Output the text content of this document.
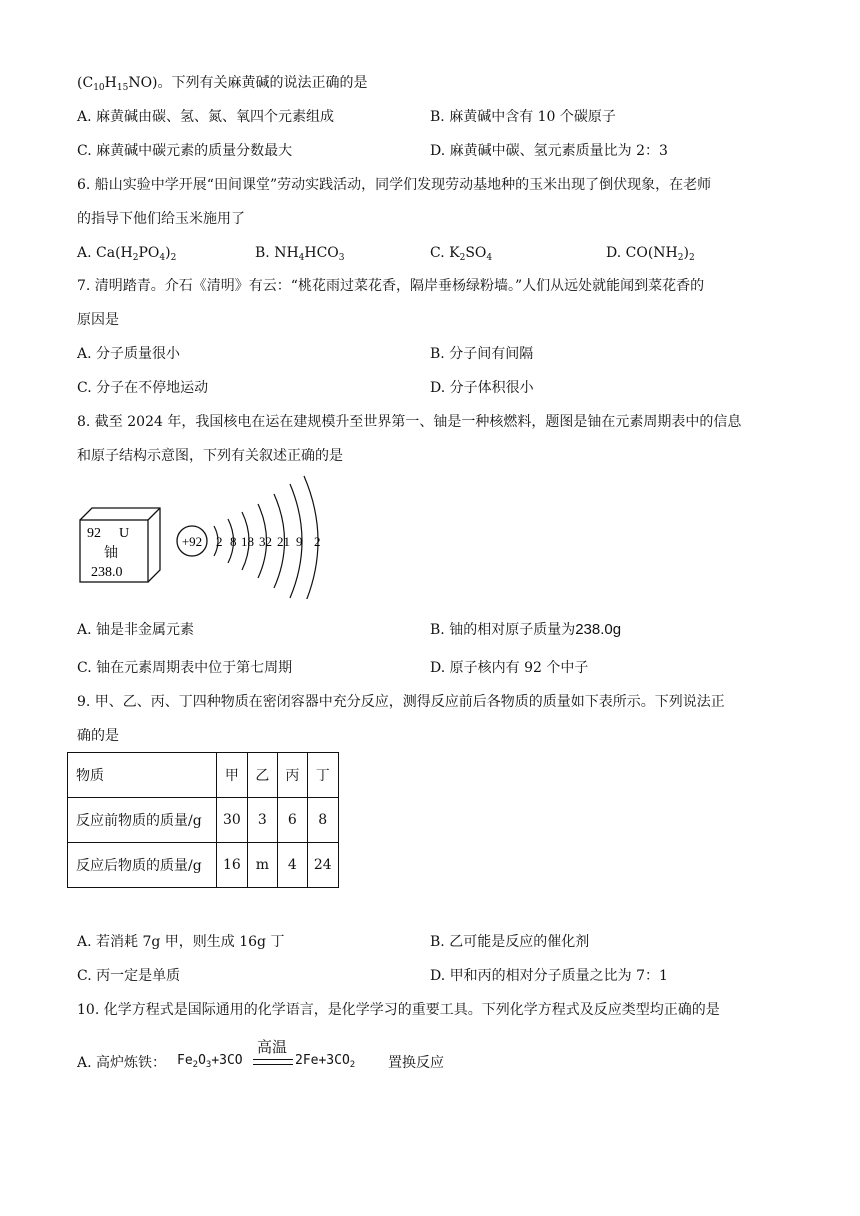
$(C_{10}H_{15}NO)$。下列有关麻黄碱的说法正确的是
A. 麻黄碱由碳、氢、氮、氧四个元素组成	B. 麻黄碱中含有 10 个碳原子
C. 麻黄碱中碳元素的质量分数最大	D. 麻黄碱中碳、氢元素质量比为 2：3
6. 船山实验中学开展“田间课堂”劳动实践活动，同学们发现劳动基地种的玉米出现了倒伏现象，在老师
的指导下他们给玉米施用了
A. $Ca(H_2PO_4)_2$	B. $NH_4HCO_3$	C. $K_2SO_4$	D. $CO(NH_2)_2$
7. 清明踏青。介石《清明》有云：“桃花雨过菜花香，隔岸垂杨绿粉墙。”人们从远处就能闻到菜花香的
原因是
A. 分子质量很小	B. 分子间有间隔
C. 分子在不停地运动	D. 分子体积很小
8. 截至 2024 年，我国核电在运在建规模升至世界第一、铀是一种核燃料，题图是铀在元素周期表中的信息
和原子结构示意图，下列有关叙述正确的是
92 U
铀
238.0
+92 2 8 18 32 21 9 2
A. 铀是非金属元素	B. 铀的相对原子质量为238.0g
C. 铀在元素周期表中位于第七周期	D. 原子核内有 92 个中子
9. 甲、乙、丙、丁四种物质在密闭容器中充分反应，测得反应前后各物质的质量如下表所示。下列说法正
确的是
物质	甲	乙	丙	丁
反应前物质的质量/g	30	3	6	8
反应后物质的质量/g	16	m	4	24
A. 若消耗 7g 甲，则生成 16g 丁	B. 乙可能是反应的催化剂
C. 丙一定是单质	D. 甲和丙的相对分子质量之比为 7：1
10. 化学方程式是国际通用的化学语言，是化学学习的重要工具。下列化学方程式及反应类型均正确的是
A. 高炉炼铁： $Fe_2O_3+3CO$
高温
$2Fe+3CO_2$ 置换反应
